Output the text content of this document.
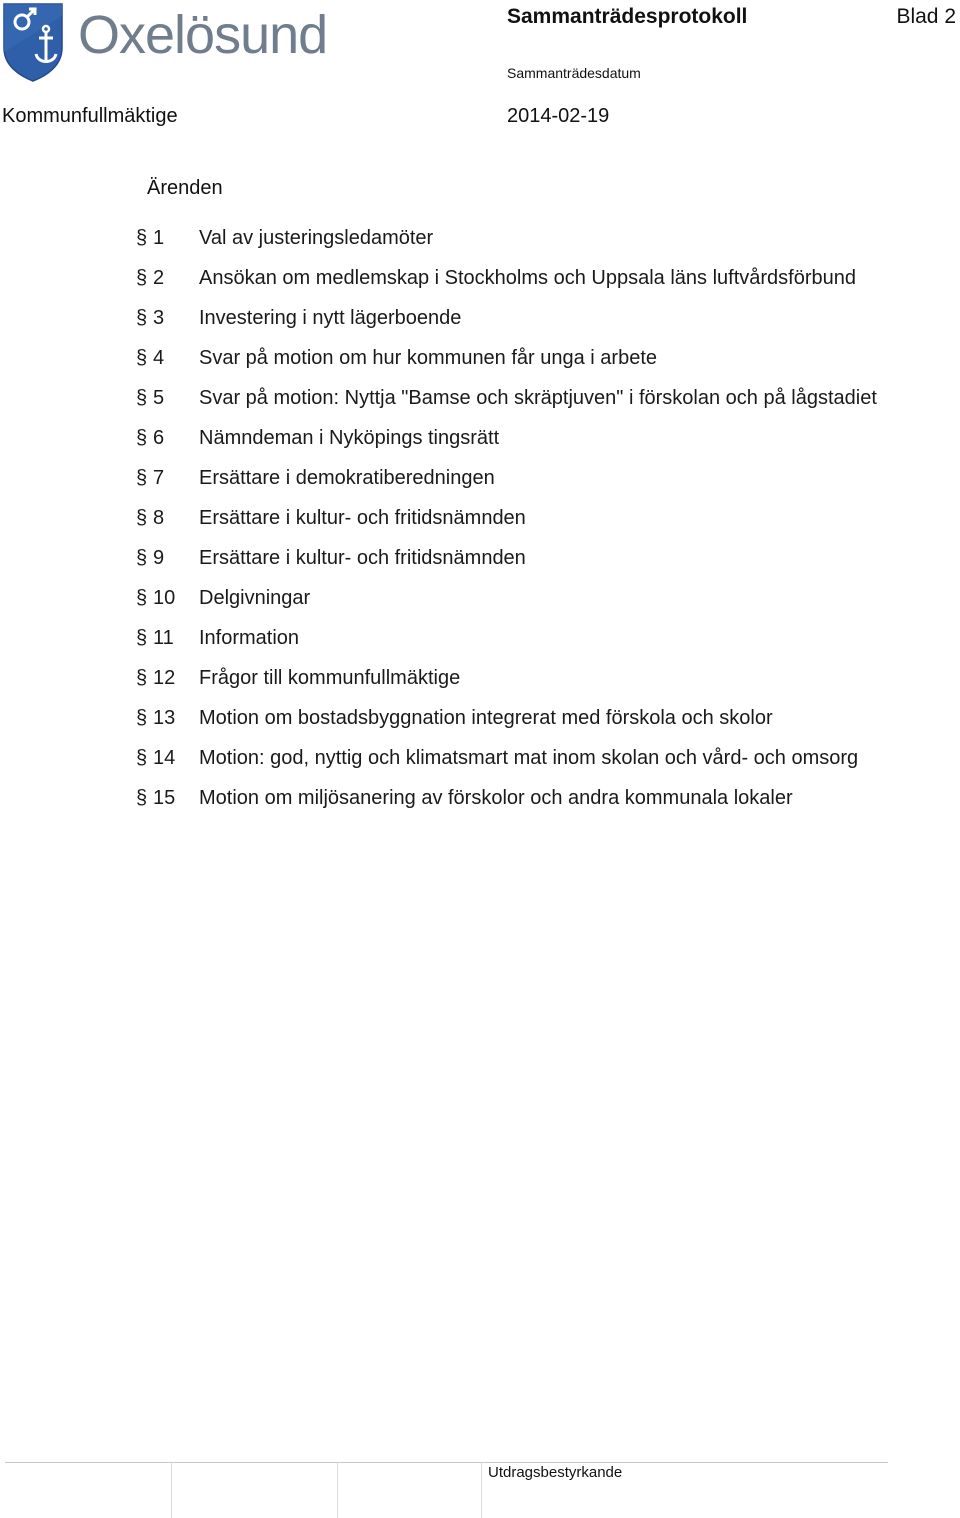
Oxelösund	Sammanträdesprotokoll	Blad 2
Sammanträdesdatum
Kommunfullmäktige	2014-02-19
Ärenden
§ 1 Val av justeringsledamöter
§ 2 Ansökan om medlemskap i Stockholms och Uppsala läns luftvårdsförbund
§ 3 Investering i nytt lägerboende
§ 4 Svar på motion om hur kommunen får unga i arbete
§ 5 Svar på motion: Nyttja "Bamse och skräptjuven" i förskolan och på lågstadiet
§ 6 Nämndeman i Nyköpings tingsrätt
§ 7 Ersättare i demokratiberedningen
§ 8 Ersättare i kultur- och fritidsnämnden
§ 9 Ersättare i kultur- och fritidsnämnden
§ 10 Delgivningar
§ 11 Information
§ 12 Frågor till kommunfullmäktige
§ 13 Motion om bostadsbyggnation integrerat med förskola och skolor
§ 14 Motion: god, nyttig och klimatsmart mat inom skolan och vård- och omsorg
§ 15 Motion om miljösanering av förskolor och andra kommunala lokaler
Utdragsbestyrkande
